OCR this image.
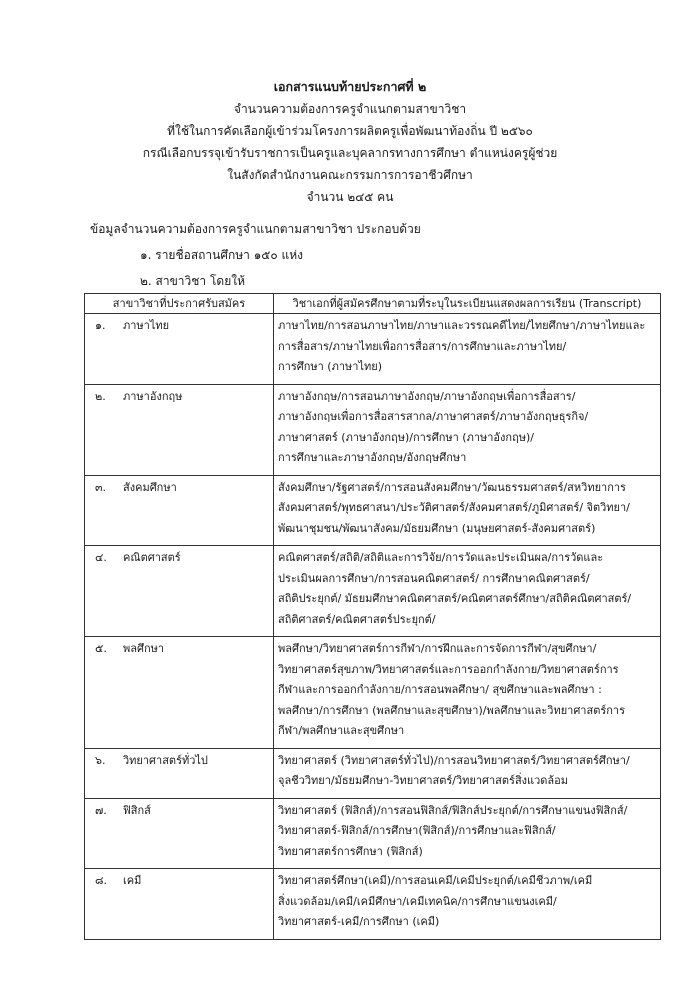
เอกสารแนบท้ายประกาศที่ ๒
จำนวนความต้องการครูจำแนกตามสาขาวิชา
ที่ใช้ในการคัดเลือกผู้เข้าร่วมโครงการผลิตครูเพื่อพัฒนาท้องถิ่น ปี ๒๕๖๐
กรณีเลือกบรรจุเข้ารับราชการเป็นครูและบุคลากรทางการศึกษา ตำแหน่งครูผู้ช่วย
ในสังกัดสำนักงานคณะกรรมการการอาชีวศึกษา
จำนวน ๒๔๕ คน
ข้อมูลจำนวนความต้องการครูจำแนกตามสาขาวิชา ประกอบด้วย
๑. รายชื่อสถานศึกษา ๑๕๐ แห่ง
๒. สาขาวิชา โดยให้
สาขาวิชาที่ประกาศรับสมัคร	วิชาเอกที่ผู้สมัครศึกษาตามที่ระบุในระเบียนแสดงผลการเรียน (Transcript)
๑. ภาษาไทย	ภาษาไทย/การสอนภาษาไทย/ภาษาและวรรณคดีไทย/ไทยศึกษา/ภาษาไทยและ
การสื่อสาร/ภาษาไทยเพื่อการสื่อสาร/การศึกษาและภาษาไทย/
การศึกษา (ภาษาไทย)

๒. ภาษาอังกฤษ	ภาษาอังกฤษ/การสอนภาษาอังกฤษ/ภาษาอังกฤษเพื่อการสื่อสาร/
ภาษาอังกฤษเพื่อการสื่อสารสากล/ภาษาศาสตร์/ภาษาอังกฤษธุรกิจ/
ภาษาศาสตร์ (ภาษาอังกฤษ)/การศึกษา (ภาษาอังกฤษ)/
การศึกษาและภาษาอังกฤษ/อังกฤษศึกษา

๓. สังคมศึกษา	สังคมศึกษา/รัฐศาสตร์/การสอนสังคมศึกษา/วัฒนธรรมศาสตร์/สหวิทยาการ
สังคมศาสตร์/พุทธศาสนา/ประวัติศาสตร์/สังคมศาสตร์/ภูมิศาสตร์/ จิตวิทยา/
พัฒนาชุมชน/พัฒนาสังคม/มัธยมศึกษา (มนุษยศาสตร์-สังคมศาสตร์)

๔. คณิตศาสตร์	คณิตศาสตร์/สถิติ/สถิติและการวิจัย/การวัดและประเมินผล/การวัดและ
ประเมินผลการศึกษา/การสอนคณิตศาสตร์/ การศึกษาคณิตศาสตร์/
สถิติประยุกต์/ มัธยมศึกษาคณิตศาสตร์/คณิตศาสตร์ศึกษา/สถิติคณิตศาสตร์/
สถิติศาสตร์/คณิตศาสตร์ประยุกต์/

๕. พลศึกษา	พลศึกษา/วิทยาศาสตร์การกีฬา/การฝึกและการจัดการกีฬา/สุขศึกษา/
วิทยาศาสตร์สุขภาพ/วิทยาศาสตร์และการออกกำลังกาย/วิทยาศาสตร์การ
กีฬาและการออกกำลังกาย/การสอนพลศึกษา/ สุขศึกษาและพลศึกษา :
พลศึกษา/การศึกษา (พลศึกษาและสุขศึกษา)/พลศึกษาและวิทยาศาสตร์การ
กีฬา/พลศึกษาและสุขศึกษา

๖. วิทยาศาสตร์ทั่วไป	วิทยาศาสตร์ (วิทยาศาสตร์ทั่วไป)/การสอนวิทยาศาสตร์/วิทยาศาสตร์ศึกษา/
จุลชีววิทยา/มัธยมศึกษา-วิทยาศาสตร์/วิทยาศาสตร์สิ่งแวดล้อม

๗. ฟิสิกส์	วิทยาศาสตร์ (ฟิสิกส์)/การสอนฟิสิกส์/ฟิสิกส์ประยุกต์/การศึกษาแขนงฟิสิกส์/
วิทยาศาสตร์-ฟิสิกส์/การศึกษา(ฟิสิกส์)/การศึกษาและฟิสิกส์/
วิทยาศาสตร์การศึกษา (ฟิสิกส์)

๘. เคมี	วิทยาศาสตร์ศึกษา(เคมี)/การสอนเคมี/เคมีประยุกต์/เคมีชีวภาพ/เคมี
สิ่งแวดล้อม/เคมี/เคมีศึกษา/เคมีเทคนิค/การศึกษาแขนงเคมี/
วิทยาศาสตร์-เคมี/การศึกษา (เคมี)
